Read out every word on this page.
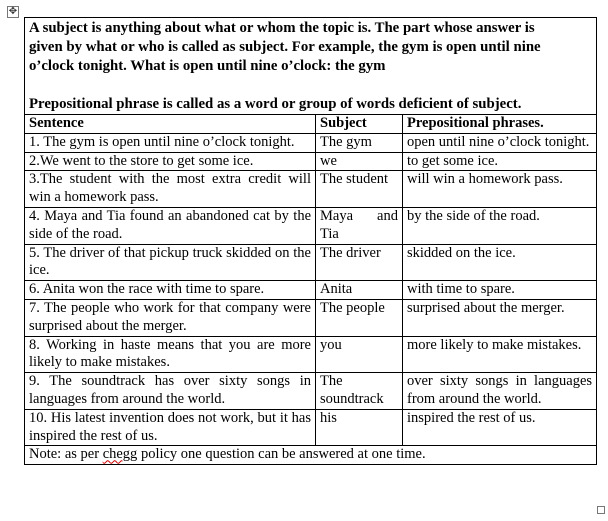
✥
A subject is anything about what or whom the topic is. The part whose answer is
given by what or who is called as subject. For example, the gym is open until nine
o’clock tonight. What is open until nine o’clock: the gym
Prepositional phrase is called as a word or group of words deficient of subject.		

Sentence	Subject	Prepositional phrases.
1. The gym is open until nine o’clock tonight.	The gym	open until nine o’clock tonight.
2.We went to the store to get some ice.	we	to get some ice.
3.The student with the most extra credit will win a homework pass.	The student	will win a homework pass.
4. Maya and Tia found an abandoned cat by the side of the road.	Maya and Tia	by the side of the road.
5. The driver of that pickup truck skidded on the ice.	The driver	skidded on the ice.
6. Anita won the race with time to spare.	Anita	with time to spare.
7. The people who work for that company were surprised about the merger.	The people	surprised about the merger.
8. Working in haste means that you are more likely to make mistakes.	you	more likely to make mistakes.
9. The soundtrack has over sixty songs in languages from around the world.	The soundtrack	over sixty songs in languages from around the world.
10. His latest invention does not work, but it has inspired the rest of us.	his	inspired the rest of us.
Note: as per chegg policy one question can be answered at one time.		
